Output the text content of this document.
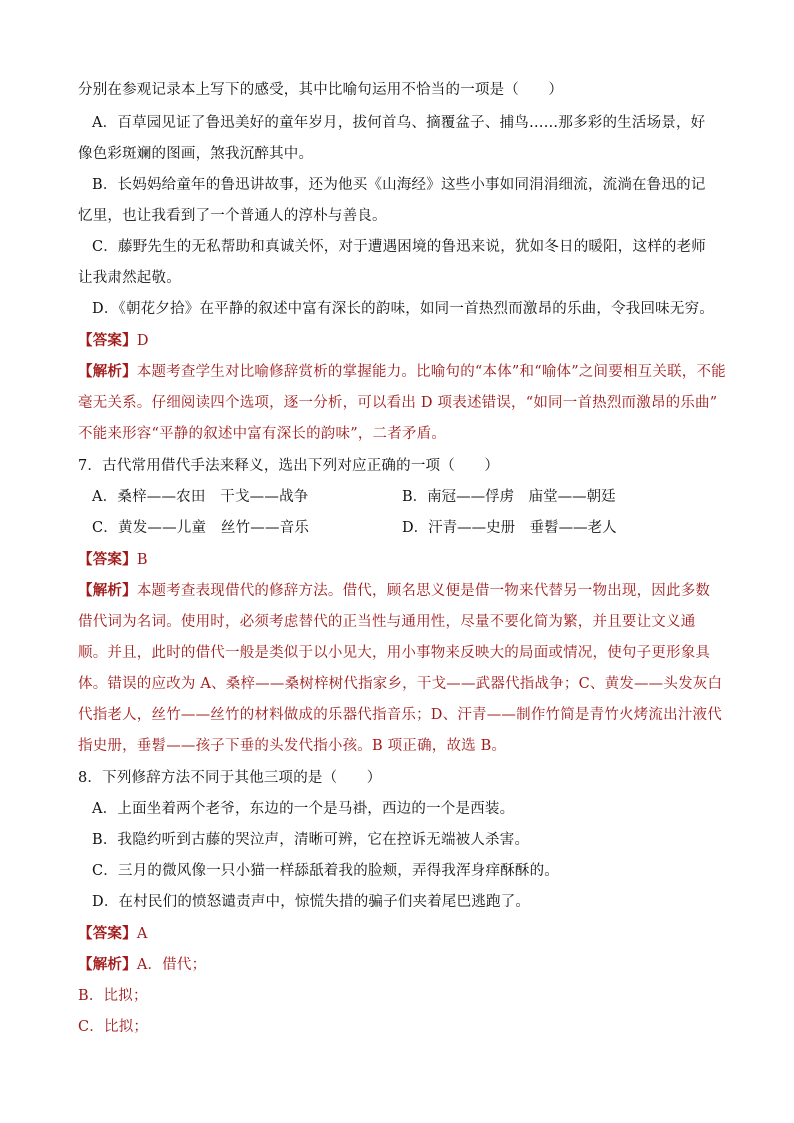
分别在参观记录本上写下的感受，其中比喻句运用不恰当的一项是（　　）
A．百草园见证了鲁迅美好的童年岁月，拔何首乌、摘覆盆子、捕鸟……那多彩的生活场景，好
像色彩斑斓的图画，煞我沉醉其中。
B．长妈妈给童年的鲁迅讲故事，还为他买《山海经》这些小事如同涓涓细流，流淌在鲁迅的记
忆里，也让我看到了一个普通人的淳朴与善良。
C．藤野先生的无私帮助和真诚关怀，对于遭遇困境的鲁迅来说，犹如冬日的暖阳，这样的老师
让我肃然起敬。
D．《朝花夕拾》在平静的叙述中富有深长的韵味，如同一首热烈而激昂的乐曲，令我回味无穷。
【答案】D
【解析】本题考查学生对比喻修辞赏析的掌握能力。比喻句的“本体”和“喻体”之间要相互关联，不能
毫无关系。仔细阅读四个选项，逐一分析，可以看出 D 项表述错误，“如同一首热烈而激昂的乐曲”
不能来形容“平静的叙述中富有深长的韵味”，二者矛盾。
7．古代常用借代手法来释义，选出下列对应正确的一项（　　）
A．桑梓——农田　干戈——战争	B．南冠——俘虏　庙堂——朝廷
C．黄发——儿童　丝竹——音乐	D．汗青——史册　垂髫——老人
【答案】B
【解析】本题考查表现借代的修辞方法。借代，顾名思义便是借一物来代替另一物出现，因此多数
借代词为名词。使用时，必须考虑替代的正当性与通用性，尽量不要化简为繁，并且要让文义通
顺。并且，此时的借代一般是类似于以小见大，用小事物来反映大的局面或情况，使句子更形象具
体。错误的应改为 A、桑梓——桑树梓树代指家乡，干戈——武器代指战争；C、黄发——头发灰白
代指老人，丝竹——丝竹的材料做成的乐器代指音乐；D、汗青——制作竹简是青竹火烤流出汁液代
指史册，垂髫——孩子下垂的头发代指小孩。B 项正确，故选 B。
8．下列修辞方法不同于其他三项的是（　　）
A．上面坐着两个老爷，东边的一个是马褂，西边的一个是西装。
B．我隐约听到古藤的哭泣声，清晰可辨，它在控诉无端被人杀害。
C．三月的微风像一只小猫一样舔舐着我的脸颊，弄得我浑身痒酥酥的。
D．在村民们的愤怒谴责声中，惊慌失措的骗子们夹着尾巴逃跑了。
【答案】A
【解析】A．借代；
B．比拟；
C．比拟；
